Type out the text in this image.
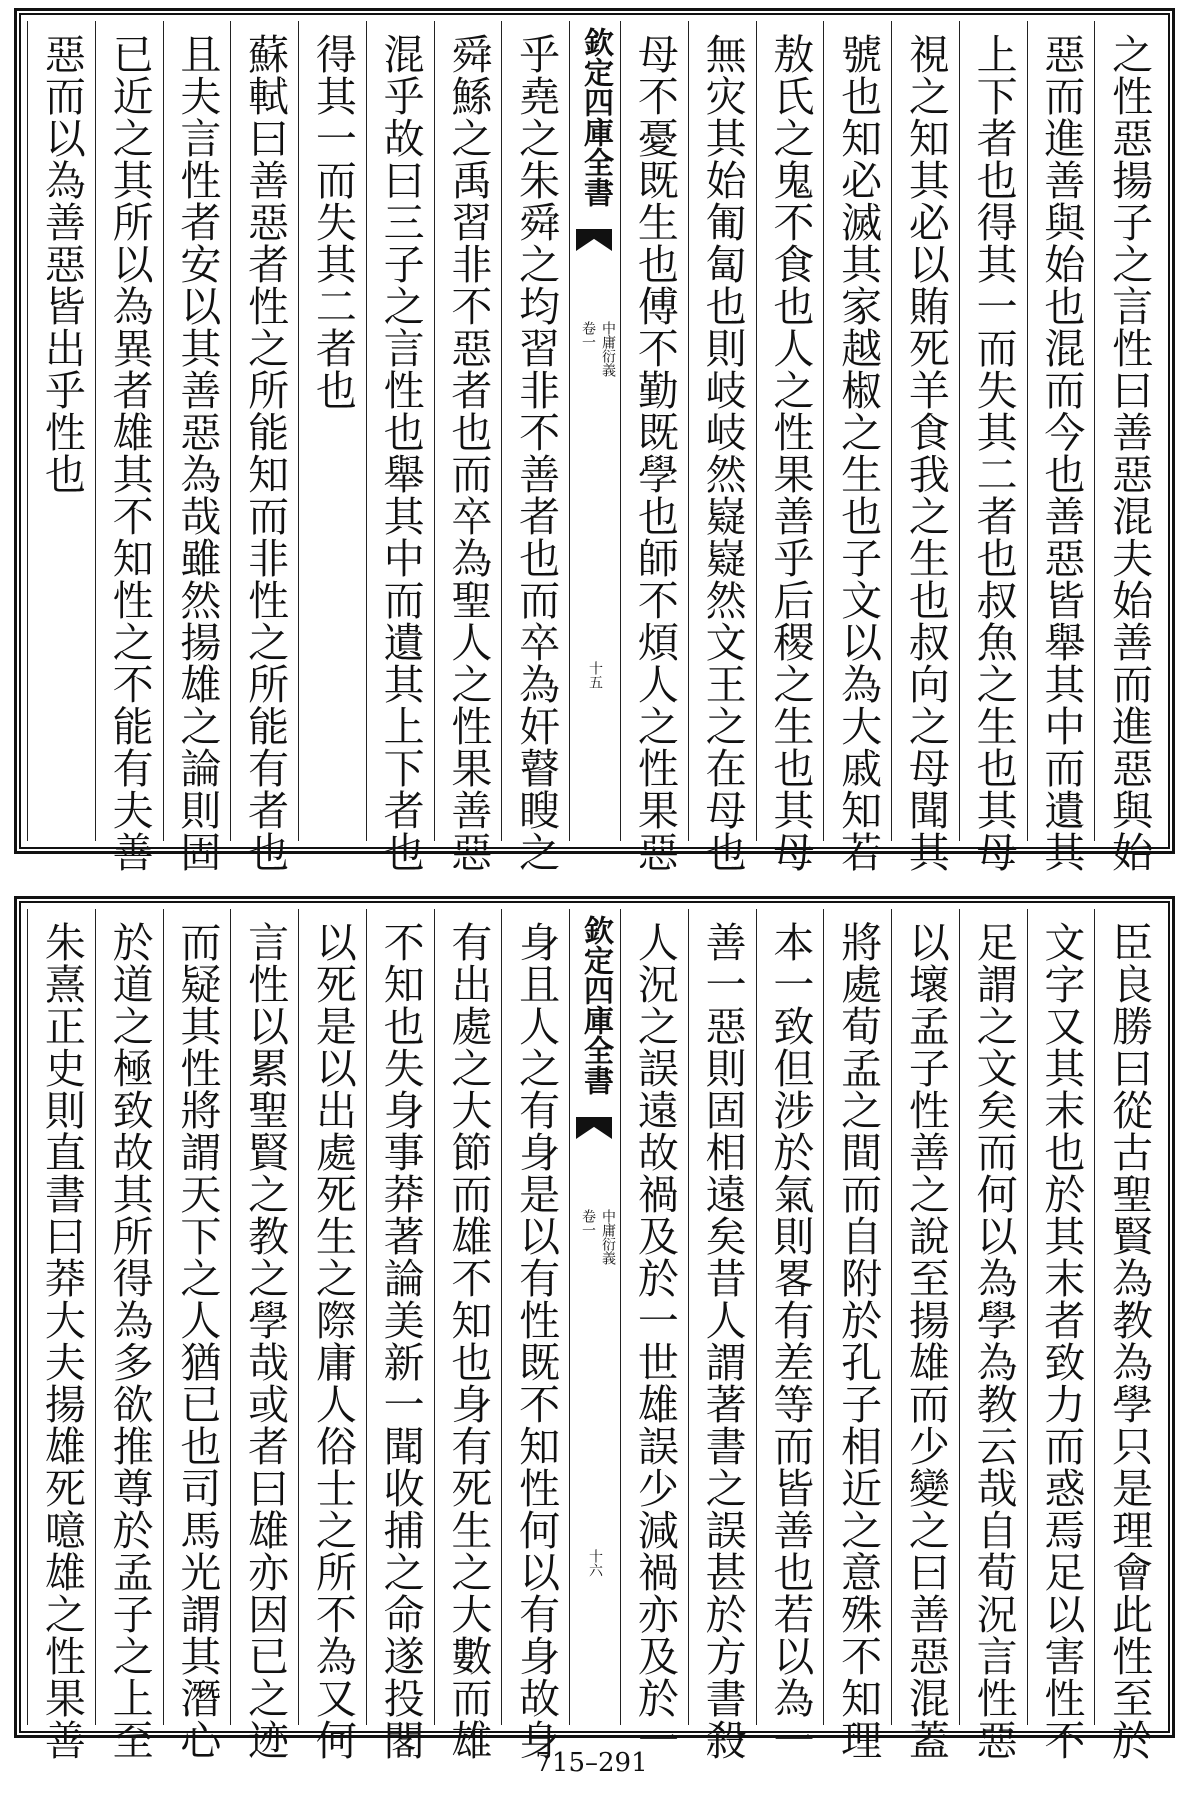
之性惡揚子之言性曰善惡混夫始善而進惡與始
惡而進善與始也混而今也善惡皆舉其中而遺其
上下者也得其一而失其二者也叔魚之生也其母
視之知其必以賄死羊食我之生也叔向之母聞其
號也知必滅其家越椒之生也子文以為大戚知若
敖氏之鬼不食也人之性果善乎后稷之生也其母
無灾其始匍匐也則岐岐然嶷嶷然文王之在母也
母不憂既生也傅不勤既學也師不煩人之性果惡
欽定四庫全書
中庸衍義
卷一
十五
乎堯之朱舜之均習非不善者也而卒為奸瞽瞍之
舜鯀之禹習非不惡者也而卒為聖人之性果善惡
混乎故曰三子之言性也舉其中而遺其上下者也
得其一而失其二者也
蘇軾曰善惡者性之所能知而非性之所能有者也
且夫言性者安以其善惡為哉雖然揚雄之論則固
已近之其所以為異者雄其不知性之不能有夫善
惡而以為善惡皆出乎性也
臣良勝曰從古聖賢為教為學只是理會此性至於
文字又其末也於其末者致力而惑焉足以害性不
足謂之文矣而何以為學為教云哉自荀況言性惡
以壞孟子性善之說至揚雄而少變之曰善惡混蓋
將處荀孟之間而自附於孔子相近之意殊不知理
本一致但涉於氣則畧有差等而皆善也若以為一
善一惡則固相遠矣昔人謂著書之誤甚於方書殺
人況之誤遠故禍及於一世雄誤少減禍亦及於一
欽定四庫全書
中庸衍義
卷一
十六
身且人之有身是以有性既不知性何以有身故身
有出處之大節而雄不知也身有死生之大數而雄
不知也失身事莽著論美新一聞收捕之命遂投閣
以死是以出處死生之際庸人俗士之所不為又何
言性以累聖賢之教之學哉或者曰雄亦因已之迹
而疑其性將謂天下之人猶已也司馬光謂其潛心
於道之極致故其所得為多欲推尊於孟子之上至
朱熹正史則直書曰莽大夫揚雄死噫雄之性果善
715–291
